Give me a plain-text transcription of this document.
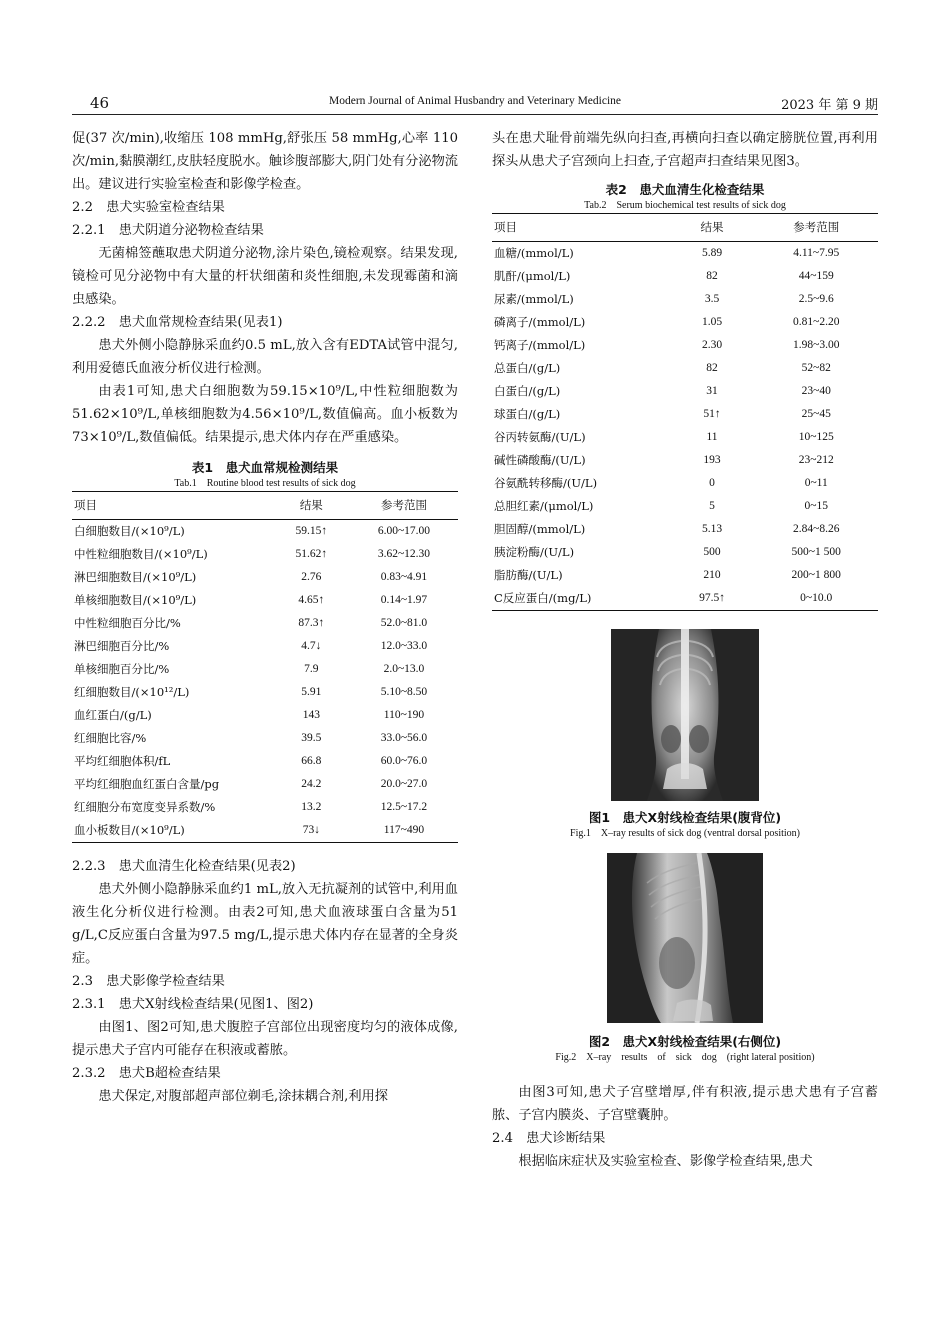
46	Modern Journal of Animal Husbandry and Veterinary Medicine	2023 年 第 9 期

促(37 次/min),收缩压 108 mmHg,舒张压 58 mmHg,心率 110 次/min,黏膜潮红,皮肤轻度脱水。触诊腹部膨大,阴门处有分泌物流出。建议进行实验室检查和影像学检查。

2.2　患犬实验室检查结果

2.2.1　患犬阴道分泌物检查结果

无菌棉签蘸取患犬阴道分泌物,涂片染色,镜检观察。结果发现,镜检可见分泌物中有大量的杆状细菌和炎性细胞,未发现霉菌和滴虫感染。

2.2.2　患犬血常规检查结果(见表1)

患犬外侧小隐静脉采血约0.5 mL,放入含有EDTA试管中混匀,利用爱德氏血液分析仪进行检测。

由表1可知,患犬白细胞数为59.15×10⁹/L,中性粒细胞数为51.62×10⁹/L,单核细胞数为4.56×10⁹/L,数值偏高。血小板数为73×10⁹/L,数值偏低。结果提示,患犬体内存在严重感染。

表1　患犬血常规检测结果
Tab.1　Routine blood test results of sick dog
项目	结果	参考范围
白细胞数目/(×10⁹/L)	59.15↑	6.00~17.00
中性粒细胞数目/(×10⁹/L)	51.62↑	3.62~12.30
淋巴细胞数目/(×10⁹/L)	2.76	0.83~4.91
单核细胞数目/(×10⁹/L)	4.65↑	0.14~1.97
中性粒细胞百分比/%	87.3↑	52.0~81.0
淋巴细胞百分比/%	4.7↓	12.0~33.0
单核细胞百分比/%	7.9	2.0~13.0
红细胞数目/(×10¹²/L)	5.91	5.10~8.50
血红蛋白/(g/L)	143	110~190
红细胞比容/%	39.5	33.0~56.0
平均红细胞体积/fL	66.8	60.0~76.0
平均红细胞血红蛋白含量/pg	24.2	20.0~27.0
红细胞分布宽度变异系数/%	13.2	12.5~17.2
血小板数目/(×10⁹/L)	73↓	117~490

2.2.3　患犬血清生化检查结果(见表2)

患犬外侧小隐静脉采血约1 mL,放入无抗凝剂的试管中,利用血液生化分析仪进行检测。由表2可知,患犬血液球蛋白含量为51 g/L,C反应蛋白含量为97.5 mg/L,提示患犬体内存在显著的全身炎症。

2.3　患犬影像学检查结果

2.3.1　患犬X射线检查结果(见图1、图2)

由图1、图2可知,患犬腹腔子宫部位出现密度均匀的液体成像,提示患犬子宫内可能存在积液或蓄脓。

2.3.2　患犬B超检查结果

患犬保定,对腹部超声部位剃毛,涂抹耦合剂,利用探

头在患犬耻骨前端先纵向扫查,再横向扫查以确定膀胱位置,再利用探头从患犬子宫颈向上扫查,子宫超声扫查结果见图3。

表2　患犬血清生化检查结果
Tab.2　Serum biochemical test results of sick dog
项目	结果	参考范围
血糖/(mmol/L)	5.89	4.11~7.95
肌酐/(μmol/L)	82	44~159
尿素/(mmol/L)	3.5	2.5~9.6
磷离子/(mmol/L)	1.05	0.81~2.20
钙离子/(mmol/L)	2.30	1.98~3.00
总蛋白/(g/L)	82	52~82
白蛋白/(g/L)	31	23~40
球蛋白/(g/L)	51↑	25~45
谷丙转氨酶/(U/L)	11	10~125
碱性磷酸酶/(U/L)	193	23~212
谷氨酰转移酶/(U/L)	0	0~11
总胆红素/(μmol/L)	5	0~15
胆固醇/(mmol/L)	5.13	2.84~8.26
胰淀粉酶/(U/L)	500	500~1 500
脂肪酶/(U/L)	210	200~1 800
C反应蛋白/(mg/L)	97.5↑	0~10.0
图1　患犬X射线检查结果(腹背位)
Fig.1　X–ray results of sick dog (ventral dorsal position)
图2　患犬X射线检查结果(右侧位)
Fig.2　X–ray　results　of　sick　dog　(right lateral position)

由图3可知,患犬子宫壁增厚,伴有积液,提示患犬患有子宫蓄脓、子宫内膜炎、子宫壁囊肿。

2.4　患犬诊断结果

根据临床症状及实验室检查、影像学检查结果,患犬
